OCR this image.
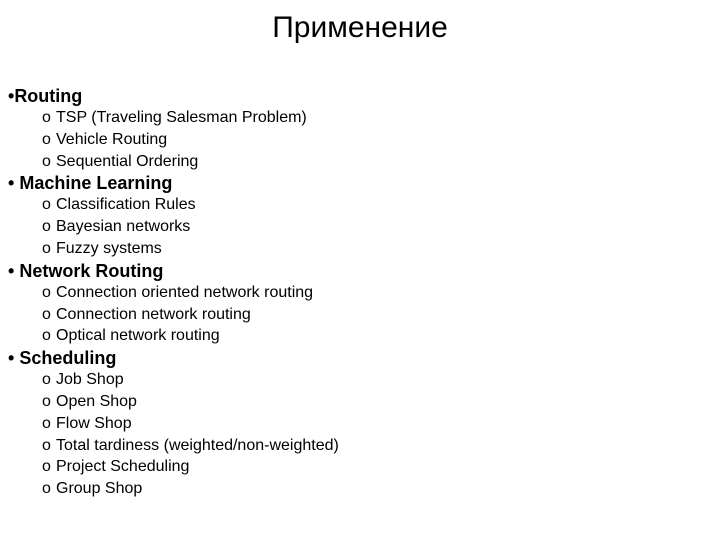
Применение
•Routing
o TSP (Traveling Salesman Problem)
o Vehicle Routing
o Sequential Ordering
• Machine Learning
o Classification Rules
o Bayesian networks
o Fuzzy systems
• Network Routing
o Connection oriented network routing
o Connection network routing
o Optical network routing
• Scheduling
o Job Shop
o Open Shop
o Flow Shop
o Total tardiness (weighted/non-weighted)
o Project Scheduling
o Group Shop
